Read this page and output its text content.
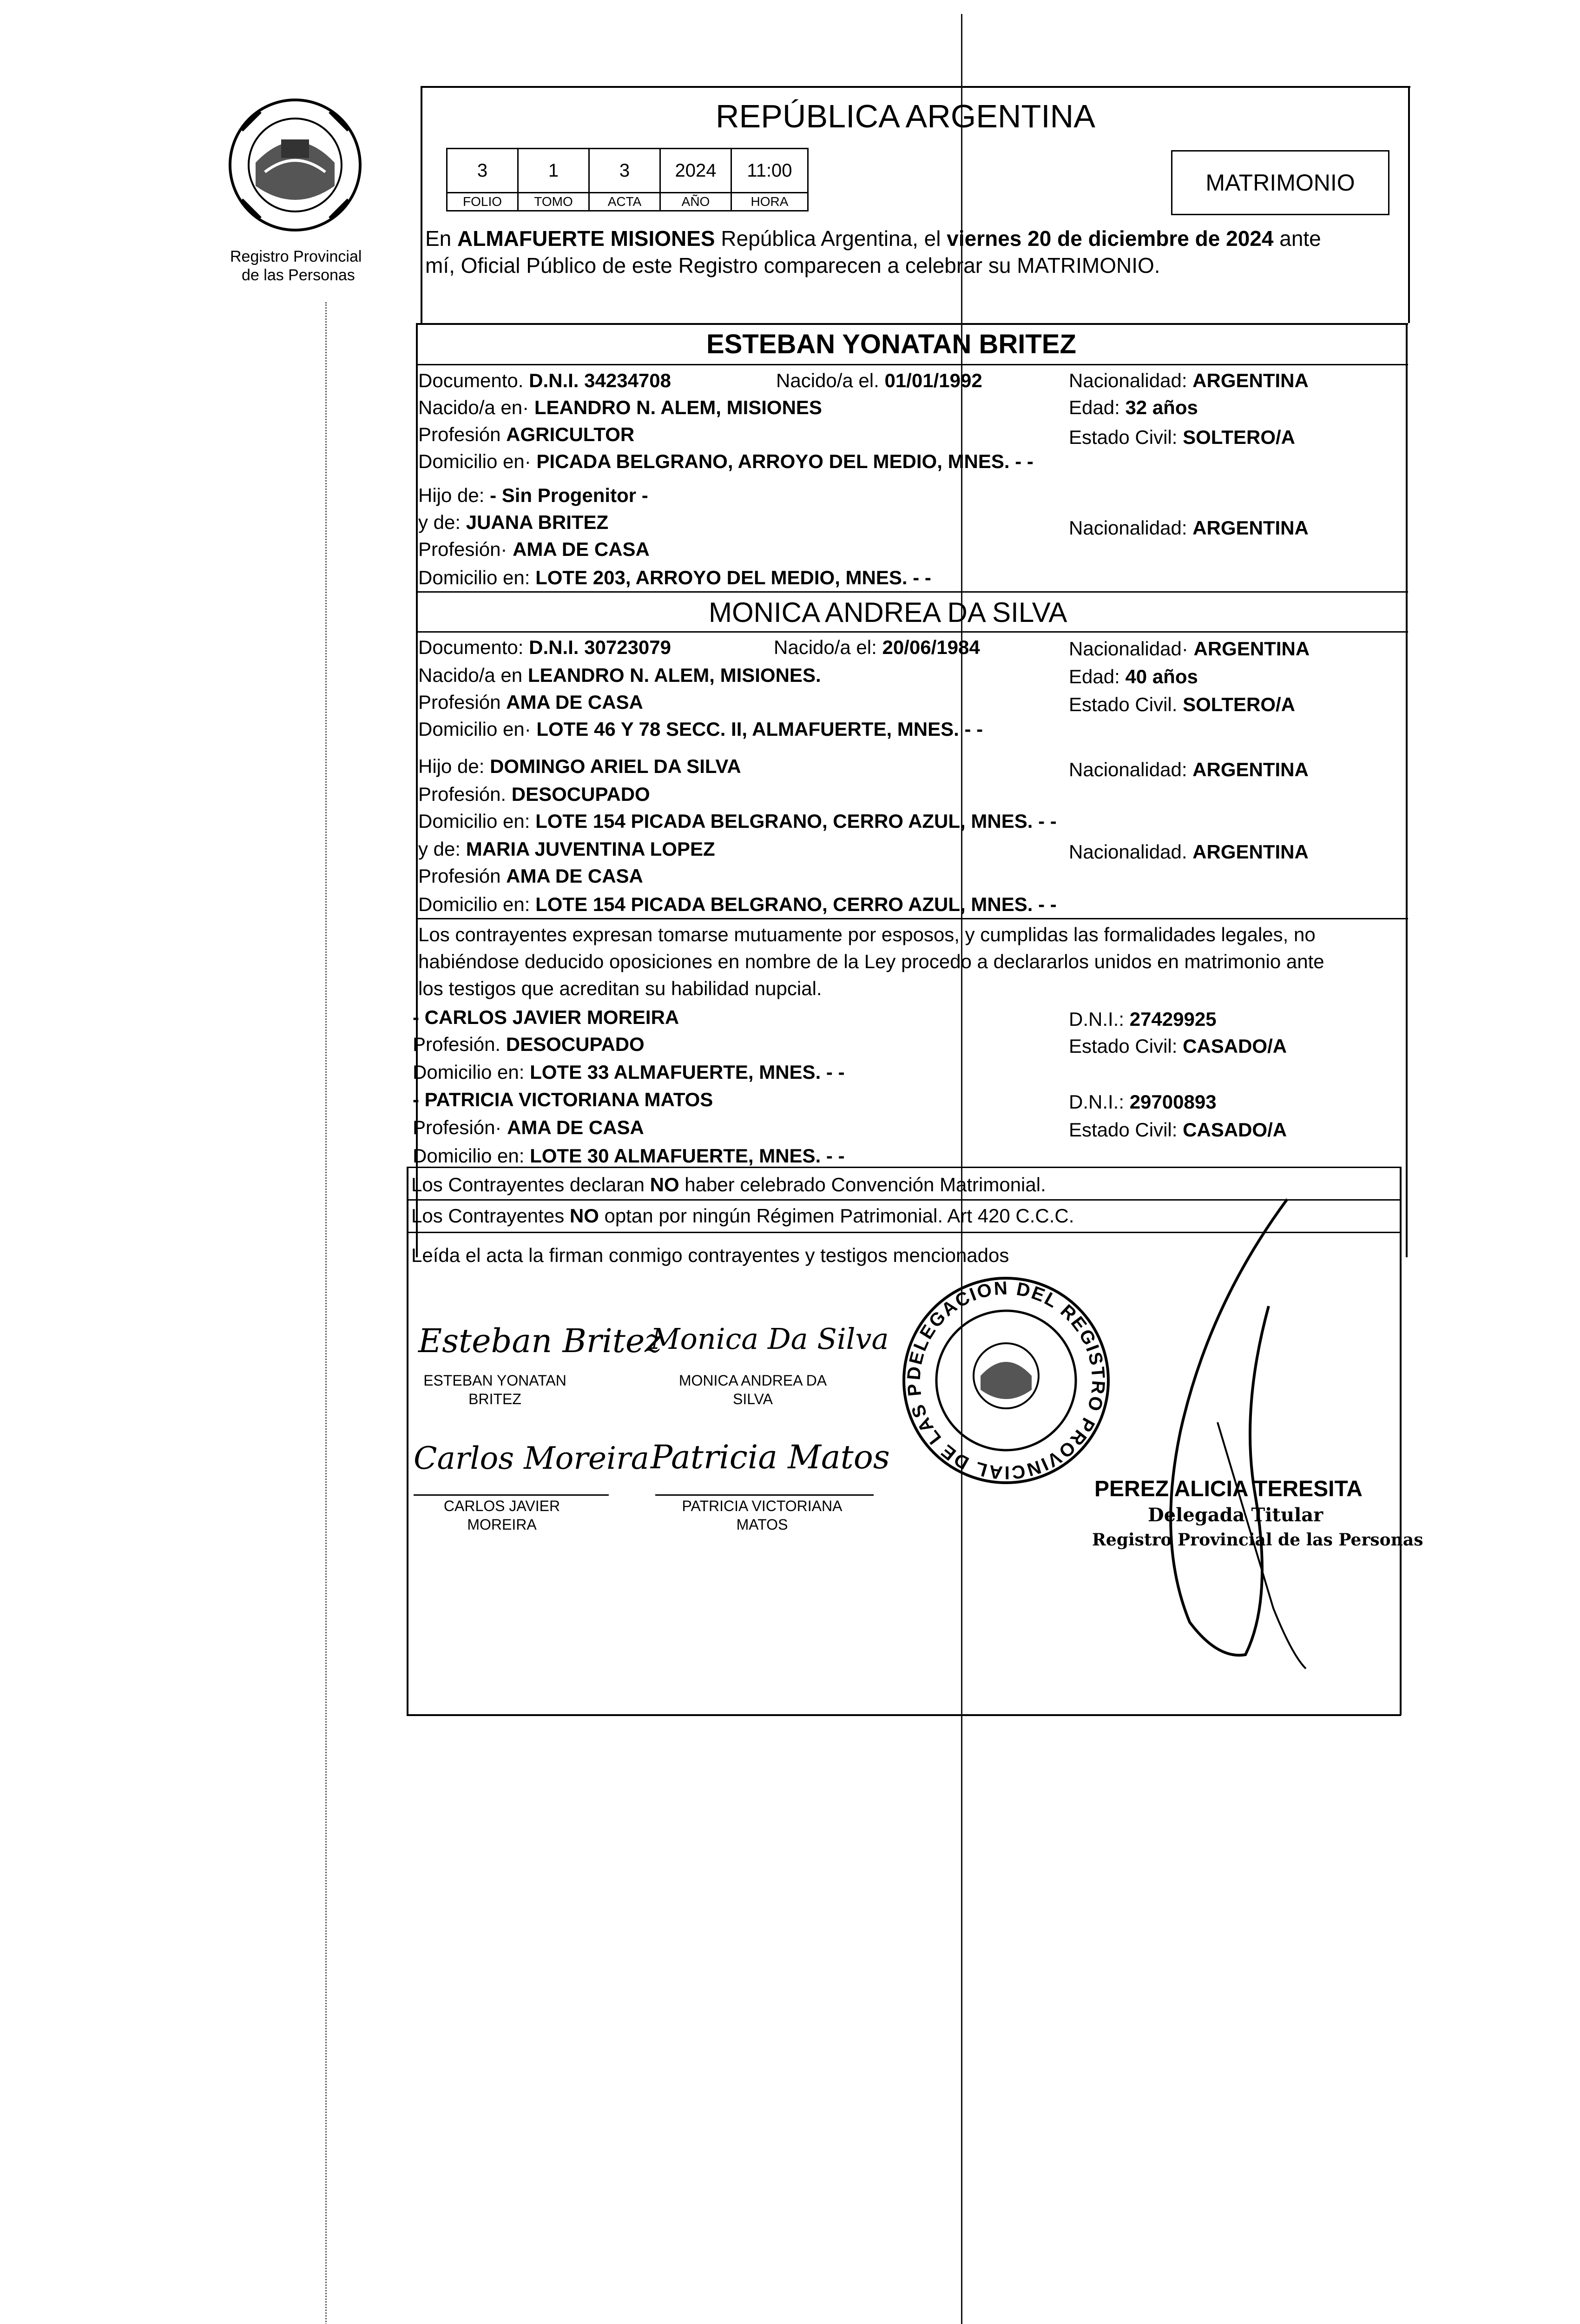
Registro Provincial
de las Personas
REPÚBLICA ARGENTINA
3	1	3	2024	11:00
FOLIO	TOMO	ACTA	AÑO	HORA
MATRIMONIO
En ALMAFUERTE MISIONES República Argentina, el viernes 20 de diciembre de 2024 ante
mí, Oficial Público de este Registro comparecen a celebrar su MATRIMONIO.
ESTEBAN YONATAN BRITEZ
Documento. D.N.I. 34234708	Nacido/a el. 01/01/1992	Nacionalidad: ARGENTINA
Nacido/a en· LEANDRO N. ALEM, MISIONES	Edad: 32 años
Profesión AGRICULTOR	Estado Civil: SOLTERO/A
Domicilio en· PICADA BELGRANO, ARROYO DEL MEDIO, MNES. - -
Hijo de: - Sin Progenitor -
y de: JUANA BRITEZ	Nacionalidad: ARGENTINA
Profesión· AMA DE CASA
Domicilio en: LOTE 203, ARROYO DEL MEDIO, MNES. - -
MONICA ANDREA DA SILVA
Documento: D.N.I. 30723079	Nacido/a el: 20/06/1984	Nacionalidad· ARGENTINA
Nacido/a en LEANDRO N. ALEM, MISIONES.	Edad: 40 años
Profesión AMA DE CASA	Estado Civil. SOLTERO/A
Domicilio en· LOTE 46 Y 78 SECC. II, ALMAFUERTE, MNES. - -
Hijo de: DOMINGO ARIEL DA SILVA	Nacionalidad: ARGENTINA
Profesión. DESOCUPADO
Domicilio en: LOTE 154 PICADA BELGRANO, CERRO AZUL, MNES. - -
y de: MARIA JUVENTINA LOPEZ	Nacionalidad. ARGENTINA
Profesión AMA DE CASA
Domicilio en: LOTE 154 PICADA BELGRANO, CERRO AZUL, MNES. - -
Los contrayentes expresan tomarse mutuamente por esposos, y cumplidas las formalidades legales, no
habiéndose deducido oposiciones en nombre de la Ley procedo a declararlos unidos en matrimonio ante
los testigos que acreditan su habilidad nupcial.
- CARLOS JAVIER MOREIRA	D.N.I.: 27429925
Profesión. DESOCUPADO	Estado Civil: CASADO/A
Domicilio en: LOTE 33 ALMAFUERTE, MNES. - -
- PATRICIA VICTORIANA MATOS	D.N.I.: 29700893
Profesión· AMA DE CASA	Estado Civil: CASADO/A
Domicilio en: LOTE 30 ALMAFUERTE, MNES. - -
Los Contrayentes declaran NO haber celebrado Convención Matrimonial.
Los Contrayentes NO optan por ningún Régimen Patrimonial. Art 420 C.C.C.
Leída el acta la firman conmigo contrayentes y testigos mencionados
Esteban Britez
ESTEBAN YONATAN
BRITEZ
Monica Da Silva
MONICA ANDREA DA
SILVA
Carlos Moreira
CARLOS JAVIER
MOREIRA
Patricia Matos
PATRICIA VICTORIANA
MATOS
DELEGACION DEL REGISTRO PROVINCIAL DE LAS P
PEREZ ALICIA TERESITA
Delegada Titular
Registro Provincial de las Personas
